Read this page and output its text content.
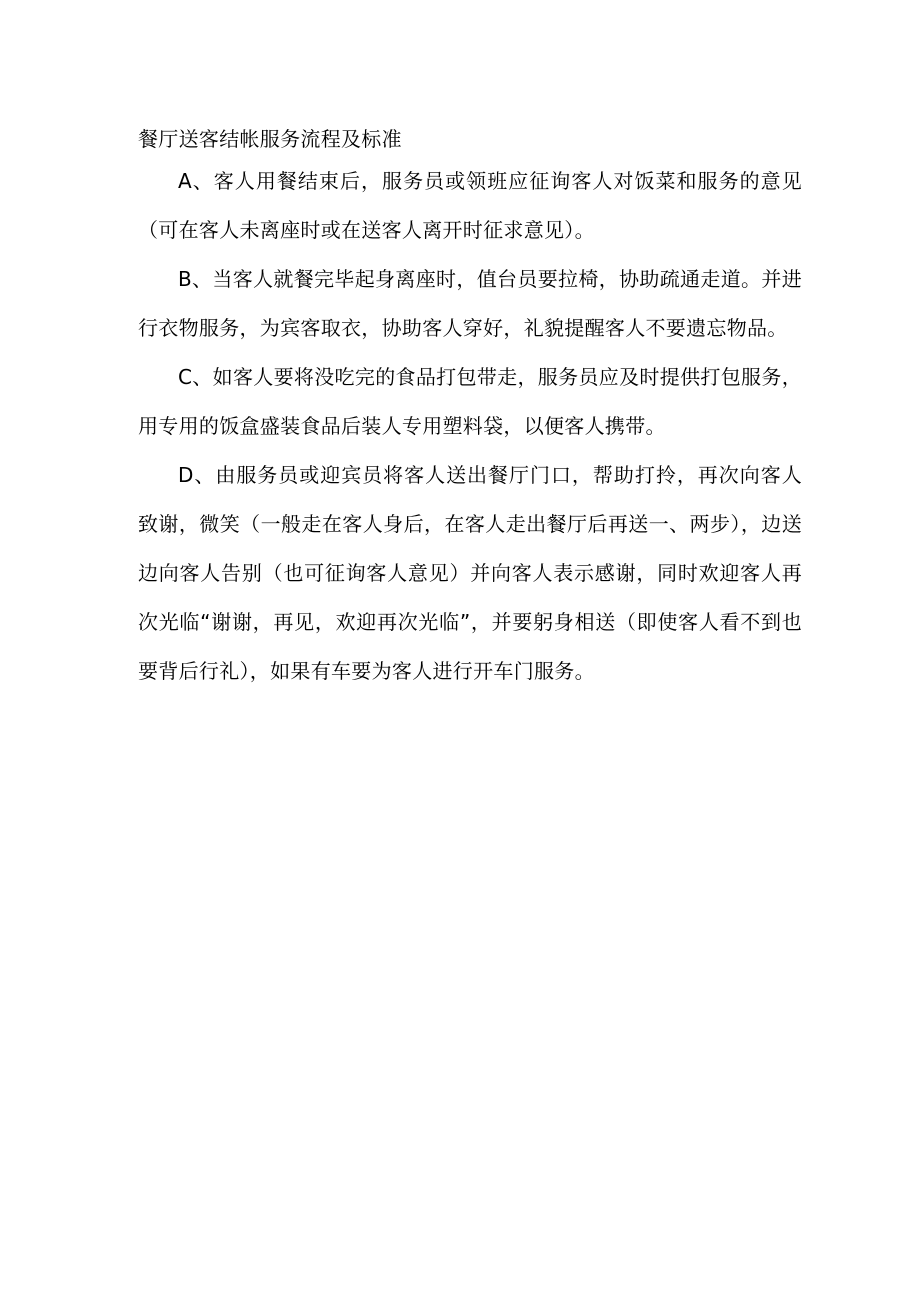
餐厅送客结帐服务流程及标准

A、客人用餐结束后，服务员或领班应征询客人对饭菜和服务的意见（可在客人未离座时或在送客人离开时征求意见）。

B、当客人就餐完毕起身离座时，值台员要拉椅，协助疏通走道。并进行衣物服务，为宾客取衣，协助客人穿好，礼貌提醒客人不要遗忘物品。

C、如客人要将没吃完的食品打包带走，服务员应及时提供打包服务，用专用的饭盒盛装食品后装人专用塑料袋，以便客人携带。

D、由服务员或迎宾员将客人送出餐厅门口，帮助打拎，再次向客人致谢，微笑（一般走在客人身后，在客人走出餐厅后再送一、两步），边送边向客人告别（也可征询客人意见）并向客人表示感谢，同时欢迎客人再次光临“谢谢，再见，欢迎再次光临”，并要躬身相送（即使客人看不到也要背后行礼），如果有车要为客人进行开车门服务。
